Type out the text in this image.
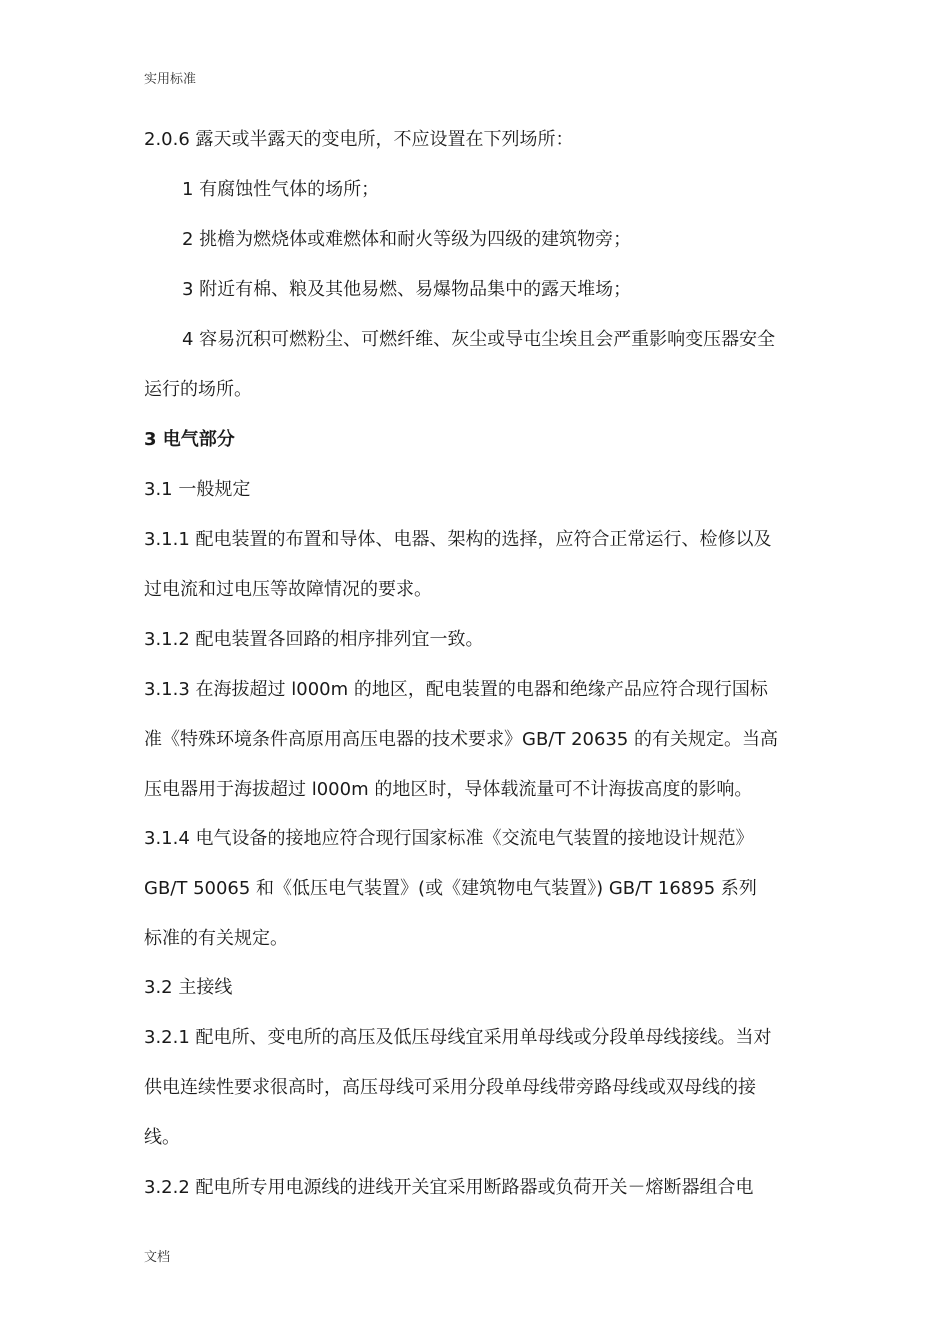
实用标准
2.0.6 露天或半露天的变电所，不应设置在下列场所：
1 有腐蚀性气体的场所；
2 挑檐为燃烧体或难燃体和耐火等级为四级的建筑物旁；
3 附近有棉、粮及其他易燃、易爆物品集中的露天堆场；
4 容易沉积可燃粉尘、可燃纤维、灰尘或导屯尘埃且会严重影响变压器安全
运行的场所。
3 电气部分
3.1 一般规定
3.1.1 配电装置的布置和导体、电器、架构的选择，应符合正常运行、检修以及
过电流和过电压等故障情况的要求。
3.1.2 配电装置各回路的相序排列宜一致。
3.1.3 在海拔超过 l000m 的地区，配电装置的电器和绝缘产品应符合现行国标
准《特殊环境条件高原用高压电器的技术要求》GB/T 20635 的有关规定。当高
压电器用于海拔超过 l000m 的地区时，导体载流量可不计海拔高度的影响。
3.1.4 电气设备的接地应符合现行国家标准《交流电气装置的接地设计规范》
GB/T 50065 和《低压电气装置》(或《建筑物电气装置》) GB/T 16895 系列
标准的有关规定。
3.2 主接线
3.2.1 配电所、变电所的高压及低压母线宜采用单母线或分段单母线接线。当对
供电连续性要求很高时，高压母线可采用分段单母线带旁路母线或双母线的接
线。
3.2.2 配电所专用电源线的进线开关宜采用断路器或负荷开关－熔断器组合电
文档
